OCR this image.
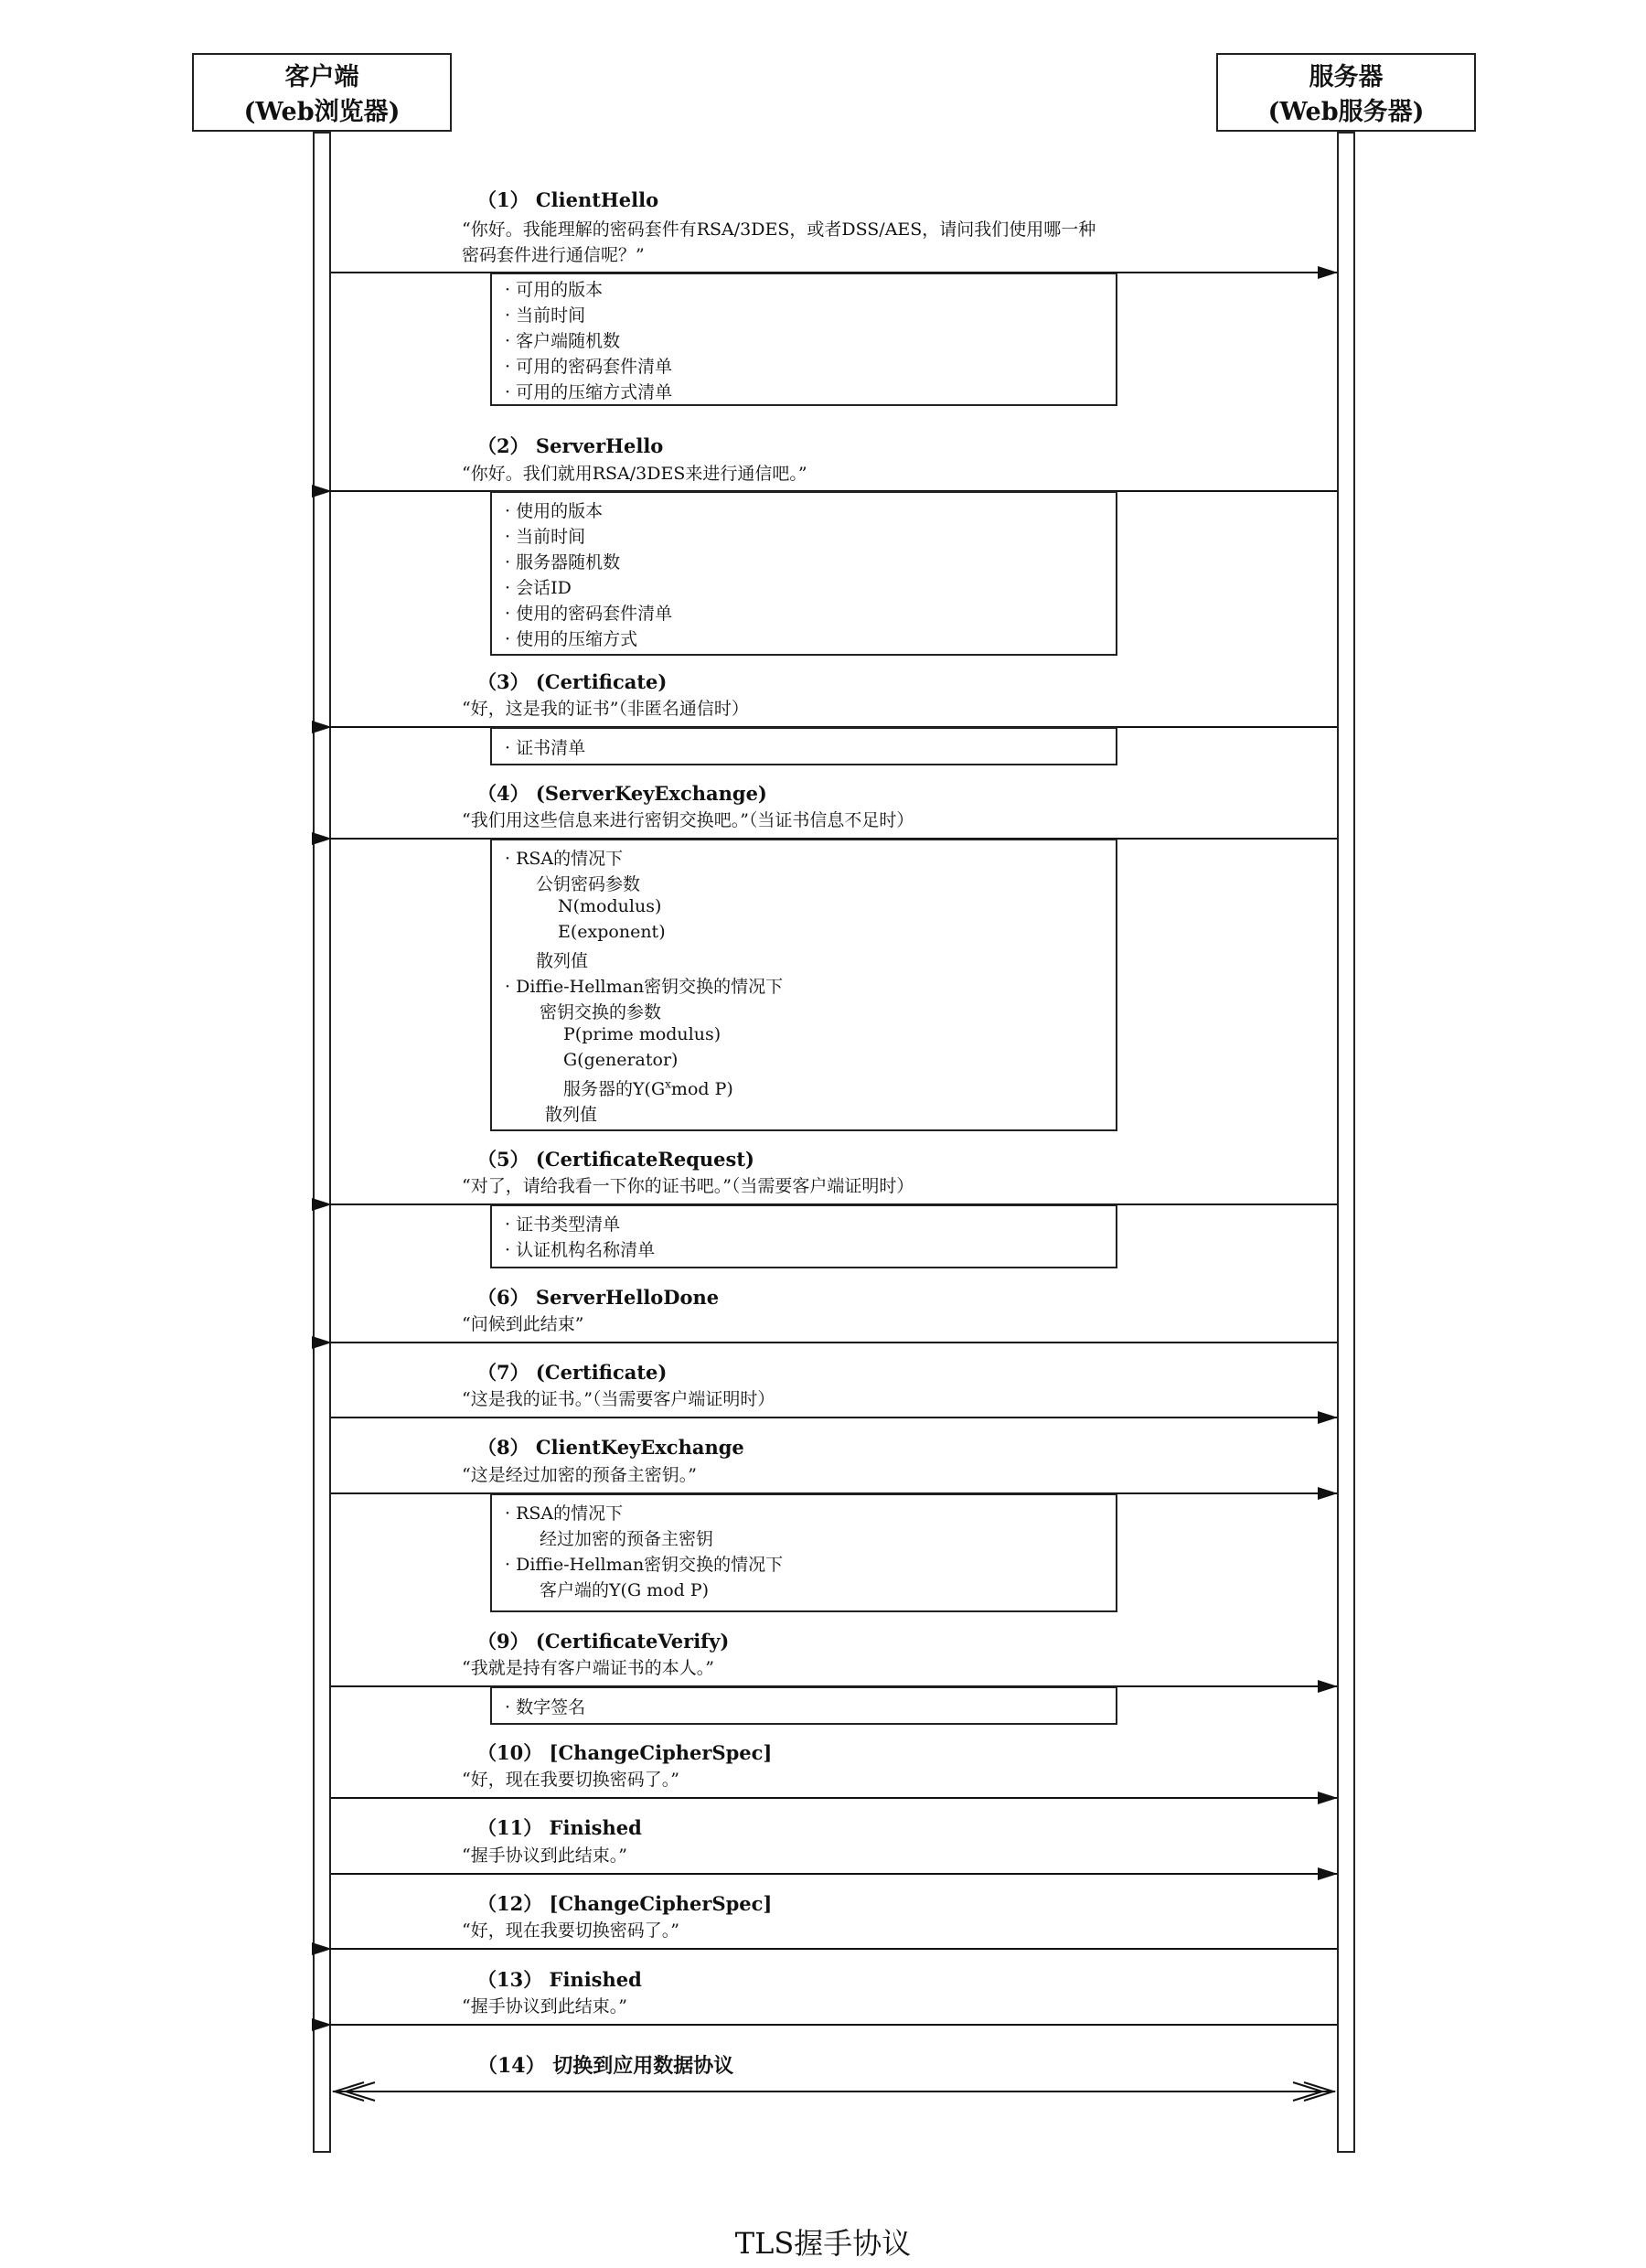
客户端
(Web浏览器)
服务器
(Web服务器)
（1） ClientHello
“你好。我能理解的密码套件有RSA/3DES，或者DSS/AES，请问我们使用哪一种
密码套件进行通信呢？”
· 可用的版本
· 当前时间
· 客户端随机数
· 可用的密码套件清单
· 可用的压缩方式清单
（2） ServerHello
“你好。我们就用RSA/3DES来进行通信吧。”
· 使用的版本
· 当前时间
· 服务器随机数
· 会话ID
· 使用的密码套件清单
· 使用的压缩方式
（3） (Certificate)
“好，这是我的证书”（非匿名通信时）
· 证书清单
（4） (ServerKeyExchange)
“我们用这些信息来进行密钥交换吧。”（当证书信息不足时）
· RSA的情况下
公钥密码参数
N(modulus)
E(exponent)
散列值
· Diffie-Hellman密钥交换的情况下
密钥交换的参数
P(prime modulus)
G(generator)
服务器的$Y(G^xmod$ P)
散列值
（5） (CertificateRequest)
“对了，请给我看一下你的证书吧。”（当需要客户端证明时）
· 证书类型清单
· 认证机构名称清单
（6） ServerHelloDone
“问候到此结束”
（7） (Certificate)
“这是我的证书。”（当需要客户端证明时）
（8） ClientKeyExchange
“这是经过加密的预备主密钥。”
· RSA的情况下
经过加密的预备主密钥
· Diffie-Hellman密钥交换的情况下
客户端的Y(G mod P)
（9） (CertificateVerify)
“我就是持有客户端证书的本人。”
· 数字签名
（10） [ChangeCipherSpec]
“好，现在我要切换密码了。”
（11） Finished
“握手协议到此结束。”
（12） [ChangeCipherSpec]
“好，现在我要切换密码了。”
（13） Finished
“握手协议到此结束。”
（14） 切换到应用数据协议
TLS握手协议
